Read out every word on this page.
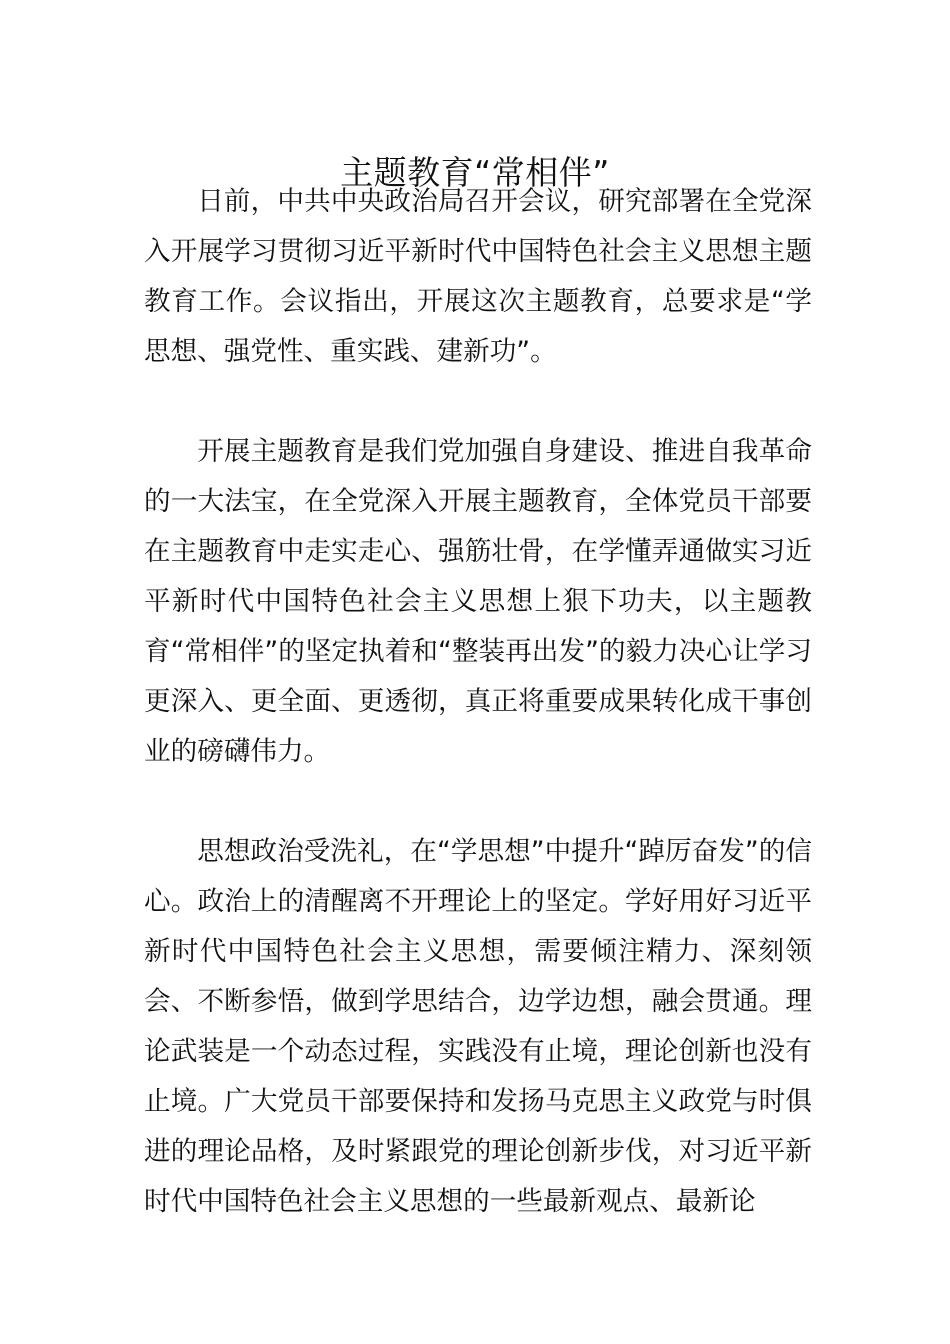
主题教育“常相伴”

日前，中共中央政治局召开会议，研究部署在全党深入开展学习贯彻习近平新时代中国特色社会主义思想主题教育工作。会议指出，开展这次主题教育，总要求是“学思想、强党性、重实践、建新功”。

开展主题教育是我们党加强自身建设、推进自我革命的一大法宝，在全党深入开展主题教育，全体党员干部要在主题教育中走实走心、强筋壮骨，在学懂弄通做实习近平新时代中国特色社会主义思想上狠下功夫，以主题教育“常相伴”的坚定执着和“整装再出发”的毅力决心让学习更深入、更全面、更透彻，真正将重要成果转化成干事创业的磅礴伟力。

思想政治受洗礼，在“学思想”中提升“踔厉奋发”的信心。政治上的清醒离不开理论上的坚定。学好用好习近平新时代中国特色社会主义思想，需要倾注精力、深刻领会、不断参悟，做到学思结合，边学边想，融会贯通。理论武装是一个动态过程，实践没有止境，理论创新也没有止境。广大党员干部要保持和发扬马克思主义政党与时俱进的理论品格，及时紧跟党的理论创新步伐，对习近平新时代中国特色社会主义思想的一些最新观点、最新论
